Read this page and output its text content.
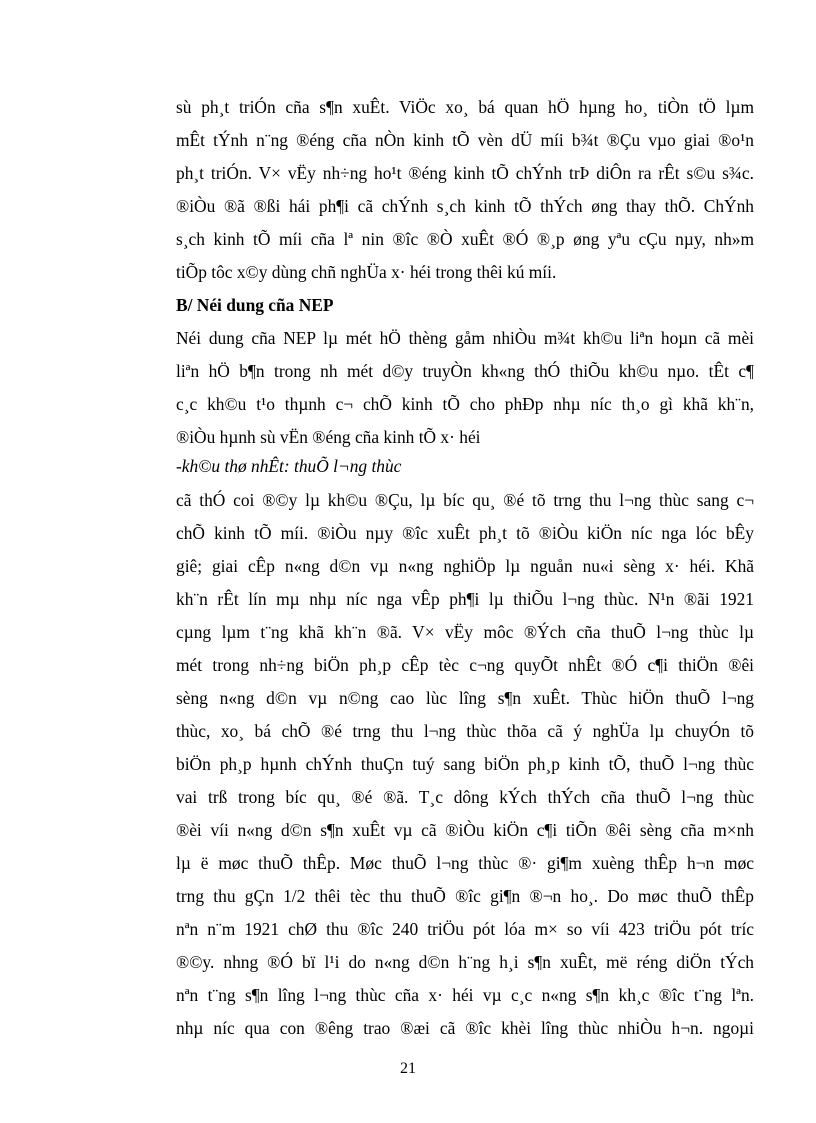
sù ph¸t triÓn cña s¶n xuÊt. ViÖc xo¸ bá quan hÖ hµng ho¸ tiÒn tÖ lµm
mÊt tÝnh n¨ng ®éng cña nÒn kinh tÕ vèn dÜ míi b¾t ®Çu vµo giai ®o¹n
ph¸t triÓn. V× vËy nh÷ng ho¹t ®éng kinh tÕ chÝnh trÞ diÔn ra rÊt s©u s¾c.
®iÒu ®ã ®ßi hái ph¶i cã chÝnh s¸ch kinh tÕ thÝch øng thay thÕ. ChÝnh
s¸ch kinh tÕ míi cña lª nin ®îc ®Ò xuÊt ®Ó ®¸p øng yªu cÇu nµy, nh»m
tiÕp tôc x©y dùng chñ nghÜa x· héi trong thêi kú míi.
B/ Néi dung cña NEP
Néi dung cña NEP lµ mét hÖ thèng gåm nhiÒu m¾t kh©u liªn hoµn cã mèi
liªn hÖ b¶n trong nh mét d©y truyÒn kh«ng thÓ thiÕu kh©u nµo. tÊt c¶
c¸c kh©u t¹o thµnh c¬ chÕ kinh tÕ cho phÐp nhµ níc th¸o gì khã kh¨n,
®iÒu hµnh sù vËn ®éng cña kinh tÕ x· héi
-kh©u thø nhÊt: thuÕ l¬ng thùc
cã thÓ coi ®©y lµ kh©u ®Çu, lµ bíc qu¸ ®é tõ trng thu l¬ng thùc sang c¬
chÕ kinh tÕ míi. ®iÒu nµy ®îc xuÊt ph¸t tõ ®iÒu kiÖn níc nga lóc bÊy
giê; giai cÊp n«ng d©n vµ n«ng nghiÖp lµ nguån nu«i sèng x· héi. Khã
kh¨n rÊt lín mµ nhµ níc nga vÊp ph¶i lµ thiÕu l¬ng thùc. N¹n ®ãi 1921
cµng lµm t¨ng khã kh¨n ®ã. V× vËy môc ®Ých cña thuÕ l¬ng thùc lµ
mét trong nh÷ng biÖn ph¸p cÊp tèc c¬ng quyÕt nhÊt ®Ó c¶i thiÖn ®êi
sèng n«ng d©n vµ n©ng cao lùc lîng s¶n xuÊt. Thùc hiÖn thuÕ l¬ng
thùc, xo¸ bá chÕ ®é trng thu l¬ng thùc thõa cã ý nghÜa lµ chuyÓn tõ
biÖn ph¸p hµnh chÝnh thuÇn tuý sang biÖn ph¸p kinh tÕ, thuÕ l¬ng thùc
vai trß trong bíc qu¸ ®é ®ã. T¸c dông kÝch thÝch cña thuÕ l¬ng thùc
®èi víi n«ng d©n s¶n xuÊt vµ cã ®iÒu kiÖn c¶i tiÕn ®êi sèng cña m×nh
lµ ë møc thuÕ thÊp. Møc thuÕ l¬ng thùc ®· gi¶m xuèng thÊp h¬n møc
trng thu gÇn 1/2 thêi tèc thu thuÕ ®îc gi¶n ®¬n ho¸. Do møc thuÕ thÊp
nªn n¨m 1921 chØ thu ®îc 240 triÖu pót lóa m× so víi 423 triÖu pót tríc
®©y. nhng ®Ó bï l¹i do n«ng d©n h¨ng h¸i s¶n xuÊt, më réng diÖn tÝch
nªn t¨ng s¶n lîng l¬ng thùc cña x· héi vµ c¸c n«ng s¶n kh¸c ®îc t¨ng lªn.
nhµ níc qua con ®êng trao ®æi cã ®îc khèi lîng thùc nhiÒu h¬n. ngoµi
21
